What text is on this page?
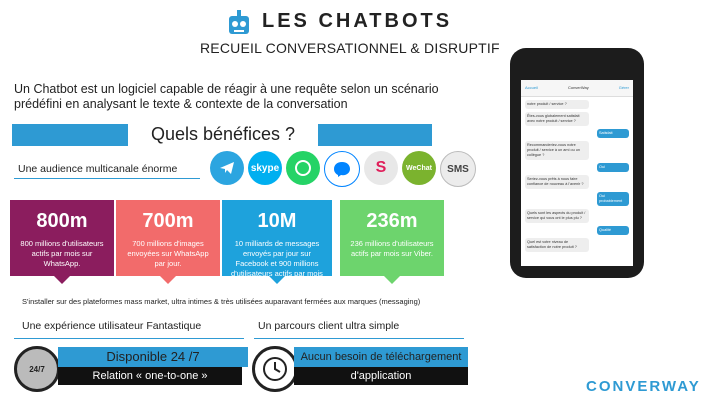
LES CHATBOTS
RECUEIL CONVERSATIONNEL & DISRUPTIF
Un Chatbot est un logiciel capable de réagir à une requête selon un scénario prédéfini en analysant le texte & contexte de la conversation
Quels bénéfices ?
Une audience multicanale énorme	skype	S	WeChat SMS
800m
800 millions d'utilisateurs actifs par mois sur WhatsApp.
700m
700 millions d'images envoyées sur WhatsApp par jour.
10M
10 milliards de messages envoyés par jour sur Facebook et 900 millions d'utilisateurs actifs par mois sur Messenger.
236m
236 millions d'utilisateurs actifs par mois sur Viber.
S'installer sur des plateformes mass market, ultra intimes & très utilisées auparavant fermées aux marques (messaging)
Une expérience utilisateur Fantastique	Un parcours client ultra simple
24/7
Disponible 24 /7
Relation « one-to-one »
Aucun besoin de téléchargement
d'application
Accueil	ConverWay	Gérer
notre produit / service ?
Êtes-vous globalement satisfait avec notre produit / service ?
Satisfait
Recommanderiez-vous notre produit / service à un ami ou un collègue ?
Oui
Seriez-vous prêts à nous faire confiance de nouveau à l'avenir ?
Oui probablement
Quels sont les aspects du produit / service qui vous ont le plus plu ?
Qualité
Quel est votre niveau de satisfaction de notre produit ?
CONVERWAY
